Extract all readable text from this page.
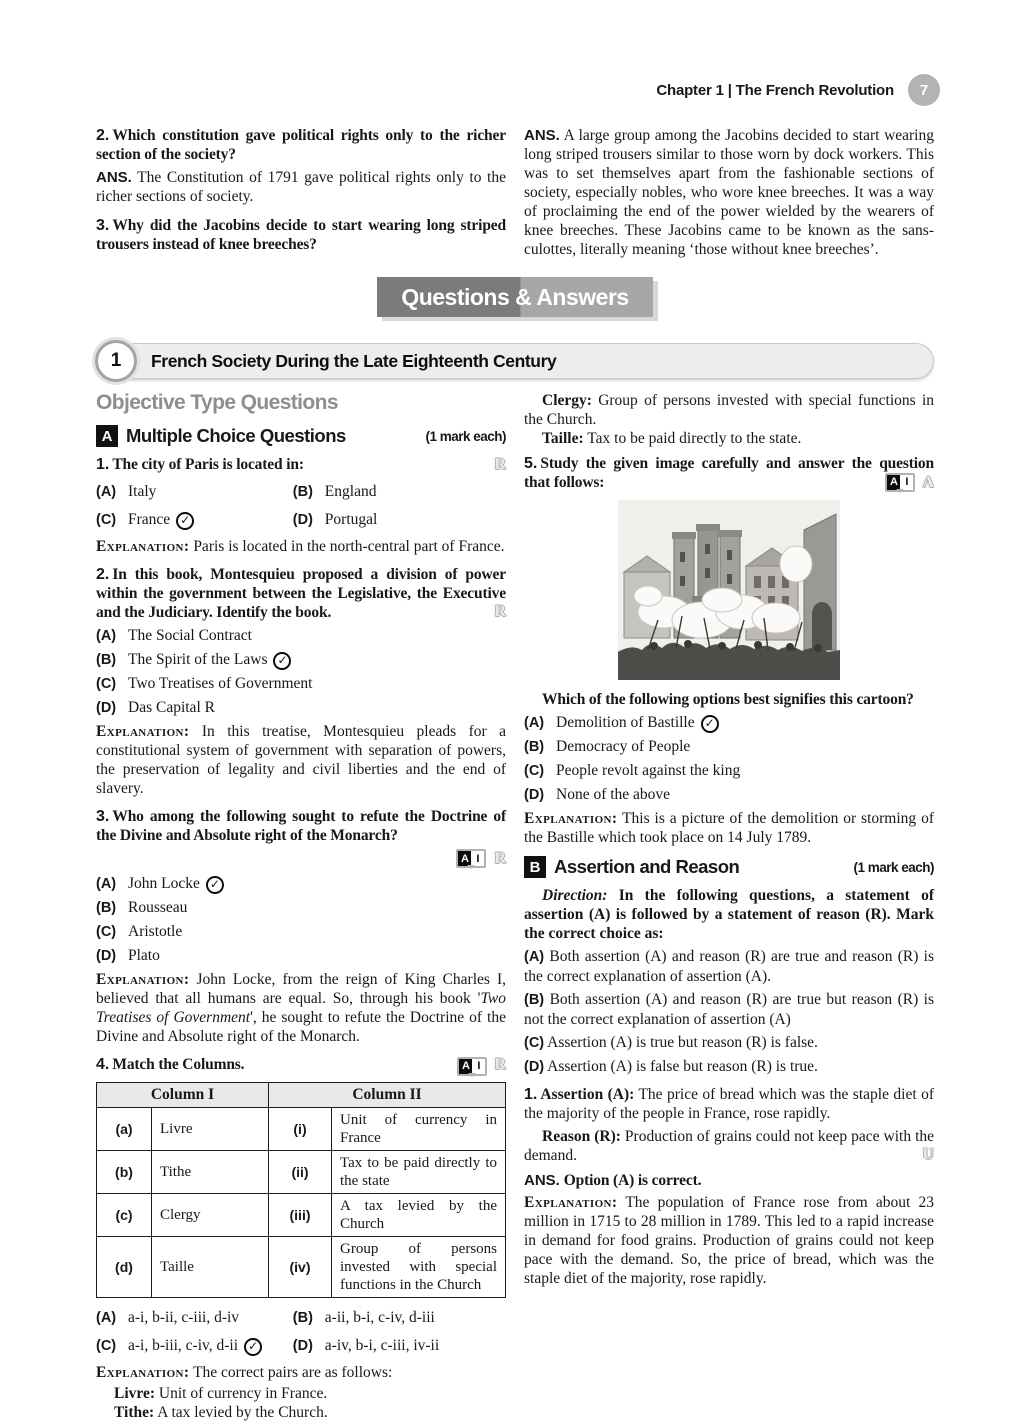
Chapter 1 | The French Revolution	7

2. Which constitution gave political rights only to the richer section of the society?

ANS. The Constitution of 1791 gave political rights only to the richer sections of society.

3. Why did the Jacobins decide to start wearing long striped trousers instead of knee breeches?

ANS. A large group among the Jacobins decided to start wearing long striped trousers similar to those worn by dock workers. This was to set themselves apart from the fashionable sections of society, especially nobles, who wore knee breeches. It was a way of proclaiming the end of the power wielded by the wearers of knee breeches. These Jacobins came to be known as the sans-culottes, literally meaning ‘those without knee breeches’.

Questions & Answers
1	French Society During the Late Eighteenth Century
Objective Type Questions
A Multiple Choice Questions	(1 mark each)

1. The city of Paris is located in:	R

(A) Italy	(B) England
(C) France ✓	(D) Portugal

Explanation: Paris is located in the north-central part of France.

2. In this book, Montesquieu proposed a division of power within the government between the Legislative, the Executive and the Judiciary. Identify the book.	R

(A) The Social Contract
(B) The Spirit of the Laws
✓
(C) Two Treatises of Government
(D) Das Capital R

Explanation: In this treatise, Montesquieu pleads for a constitutional system of government with separation of powers, the preservation of legality and civil liberties and the end of slavery.

3. Who among the following sought to refute the Doctrine of the Divine and Absolute right of the Monarch?

A I R
(A) John Locke
✓
(B) Rousseau
(C) Aristotle
(D) Plato

Explanation: John Locke, from the reign of King Charles I, believed that all humans are equal. So, through his book 'Two Treatises of Government', he sought to refute the Doctrine of the Divine and Absolute right of the Monarch.

4. Match the Columns.	A I R

Column I		Column II	
(a)	Livre	(i)	Unit of currency in France
(b)	Tithe	(ii)	Tax to be paid directly to the state
(c)	Clergy	(iii)	A tax levied by the Church
(d)	Taille	(iv)	Group of persons invested with special functions in the Church
(A) a-i, b-ii, c-iii, d-iv	(B) a-ii, b-i, c-iv, d-iii
(C) a-i, b-iii, c-iv, d-ii ✓	(D) a-iv, b-i, c-iii, iv-ii

Explanation: The correct pairs are as follows:

Livre: Unit of currency in France.

Tithe: A tax levied by the Church.

Clergy: Group of persons invested with special functions in the Church.

Taille: Tax to be paid directly to the state.

5. Study the given image carefully and answer the question that follows:	A I A

Which of the following options best signifies this cartoon?

(A) Demolition of Bastille
✓
(B) Democracy of People
(C) People revolt against the king
(D) None of the above

Explanation: This is a picture of the demolition or storming of the Bastille which took place on 14 July 1789.

B Assertion and Reason	(1 mark each)

Direction: In the following questions, a statement of assertion (A) is followed by a statement of reason (R). Mark the correct choice as:

(A) Both assertion (A) and reason (R) are true and reason (R) is the correct explanation of assertion (A).

(B) Both assertion (A) and reason (R) are true but reason (R) is not the correct explanation of assertion (A)

(C) Assertion (A) is true but reason (R) is false.

(D) Assertion (A) is false but reason (R) is true.

1. Assertion (A): The price of bread which was the staple diet of the majority of the people in France, rose rapidly.

Reason (R): Production of grains could not keep pace with the demand.	U

ANS. Option (A) is correct.

Explanation: The population of France rose from about 23 million in 1715 to 28 million in 1789. This led to a rapid increase in demand for food grains. Production of grains could not keep pace with the demand. So, the price of bread, which was the staple diet of the majority, rose rapidly.
